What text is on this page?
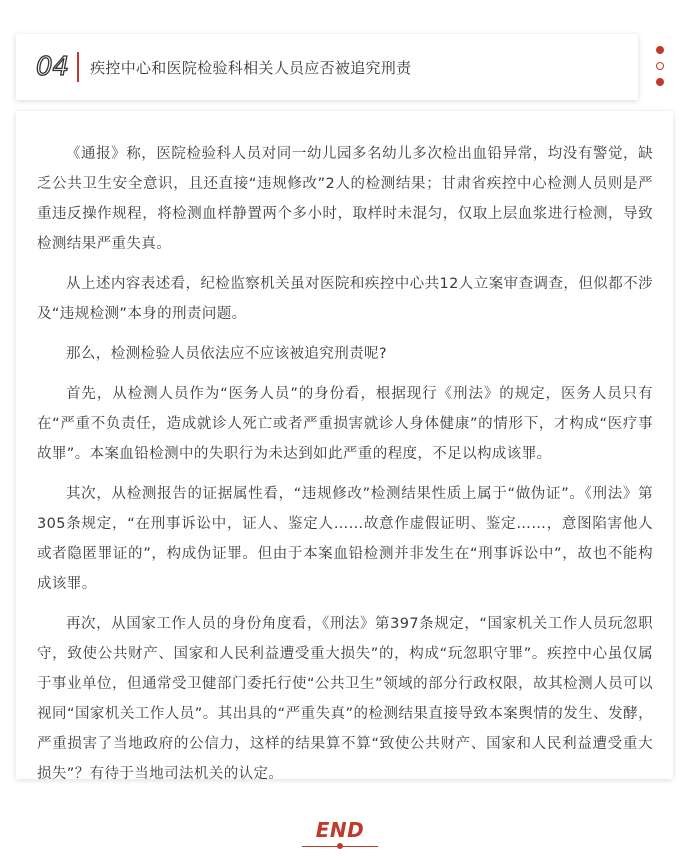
04 疾控中心和医院检验科相关人员应否被追究刑责

《通报》称，医院检验科人员对同一幼儿园多名幼儿多次检出血铅异常，均没有警觉，缺乏公共卫生安全意识，且还直接“违规修改”2人的检测结果；甘肃省疾控中心检测人员则是严重违反操作规程，将检测血样静置两个多小时，取样时未混匀，仅取上层血浆进行检测，导致检测结果严重失真。

从上述内容表述看，纪检监察机关虽对医院和疾控中心共12人立案审查调查，但似都不涉及“违规检测”本身的刑责问题。

那么，检测检验人员依法应不应该被追究刑责呢?

首先，从检测人员作为“医务人员”的身份看，根据现行《刑法》的规定，医务人员只有在“严重不负责任，造成就诊人死亡或者严重损害就诊人身体健康”的情形下，才构成“医疗事故罪”。本案血铅检测中的失职行为未达到如此严重的程度，不足以构成该罪。

其次，从检测报告的证据属性看，“违规修改”检测结果性质上属于“做伪证”。《刑法》第305条规定，“在刑事诉讼中，证人、鉴定人……故意作虚假证明、鉴定……，意图陷害他人或者隐匿罪证的”，构成伪证罪。但由于本案血铅检测并非发生在“刑事诉讼中”，故也不能构成该罪。

再次，从国家工作人员的身份角度看，《刑法》第397条规定，“国家机关工作人员玩忽职守，致使公共财产、国家和人民利益遭受重大损失”的，构成“玩忽职守罪”。疾控中心虽仅属于事业单位，但通常受卫健部门委托行使“公共卫生”领域的部分行政权限，故其检测人员可以视同“国家机关工作人员”。其出具的“严重失真”的检测结果直接导致本案舆情的发生、发酵，严重损害了当地政府的公信力，这样的结果算不算“致使公共财产、国家和人民利益遭受重大损失”？有待于当地司法机关的认定。

END
